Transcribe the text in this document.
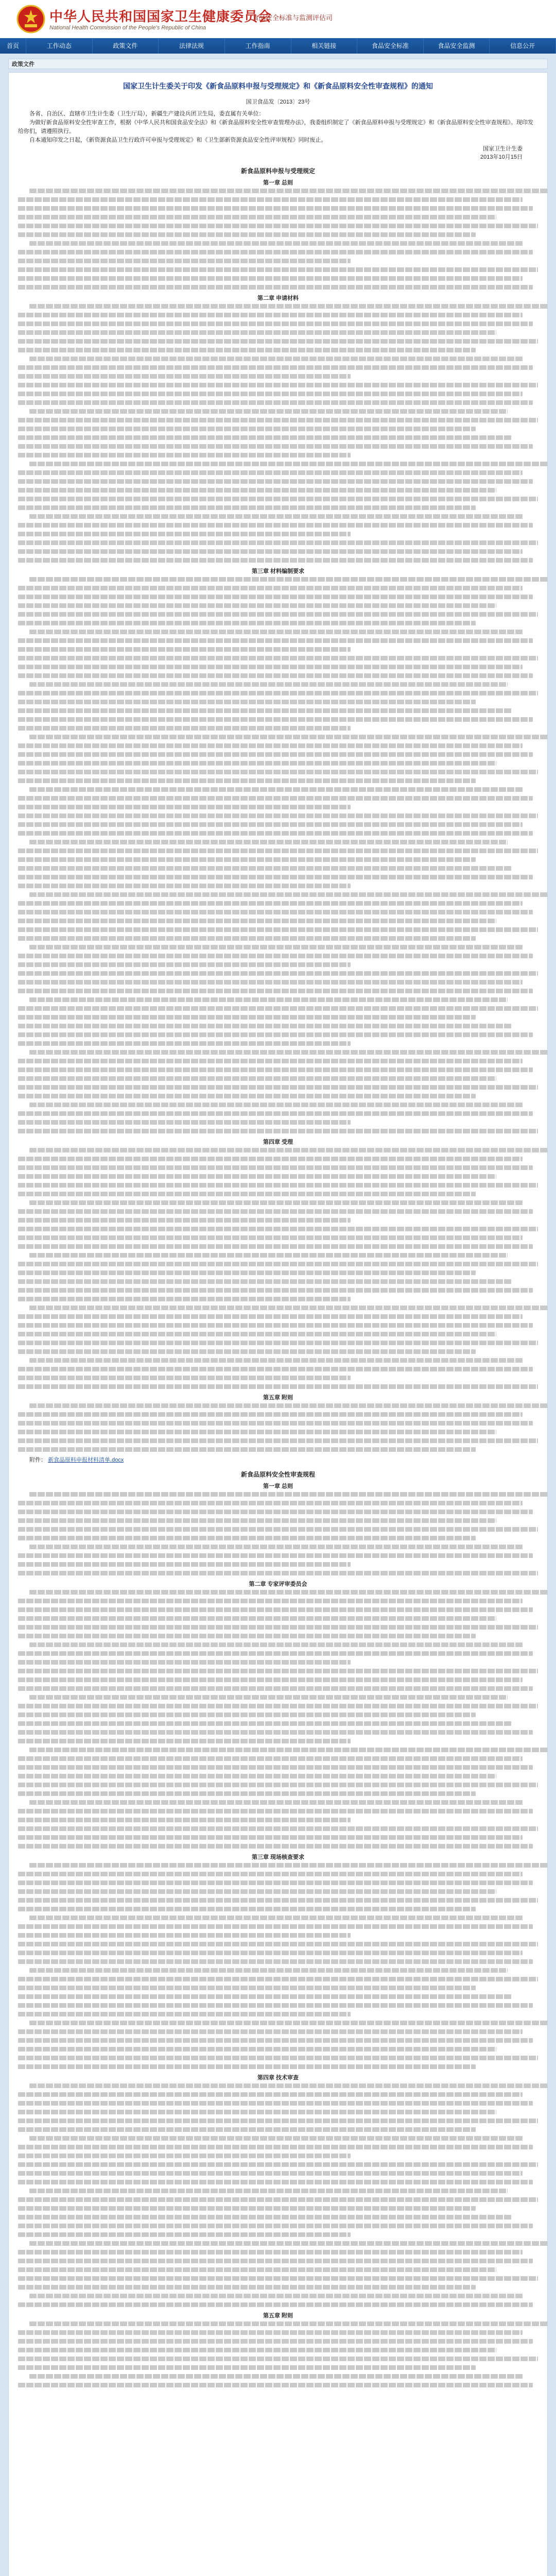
中华人民共和国国家卫生健康委员会
National Health Commission of the People's Republic of China
食品安全标准与监测评估司
首页	工作动态	政策文件	法律法规	工作指南	相关链接	食品安全标准	食品安全监测	信息公开
政策文件
国家卫生计生委关于印发《新食品原料申报与受理规定》和《新食品原料安全性审查规程》的通知
国卫食品发〔2013〕23号

各省、自治区、直辖市卫生计生委（卫生厅局），新疆生产建设兵团卫生局，委直属有关单位：

为做好新食品原料安全性审查工作，根据《中华人民共和国食品安全法》和《新食品原料安全性审查管理办法》，我委组织制定了《新食品原料申报与受理规定》和《新食品原料安全性审查规程》。现印发给你们，请遵照执行。

自本通知印发之日起，《新资源食品卫生行政许可申报与受理规定》和《卫生部新资源食品安全性评审规程》同时废止。

国家卫生计生委
2013年10月15日
新食品原料申报与受理规定
第一章 总则
第二章 申请材料
第三章 材料编制要求
第四章 受理
第五章 附则
附件： 新食品原料申报材料清单.docx
新食品原料安全性审查规程
第一章 总则
第二章 专家评审委员会
第三章 现场核查要求
第四章 技术审查
第五章 附则
